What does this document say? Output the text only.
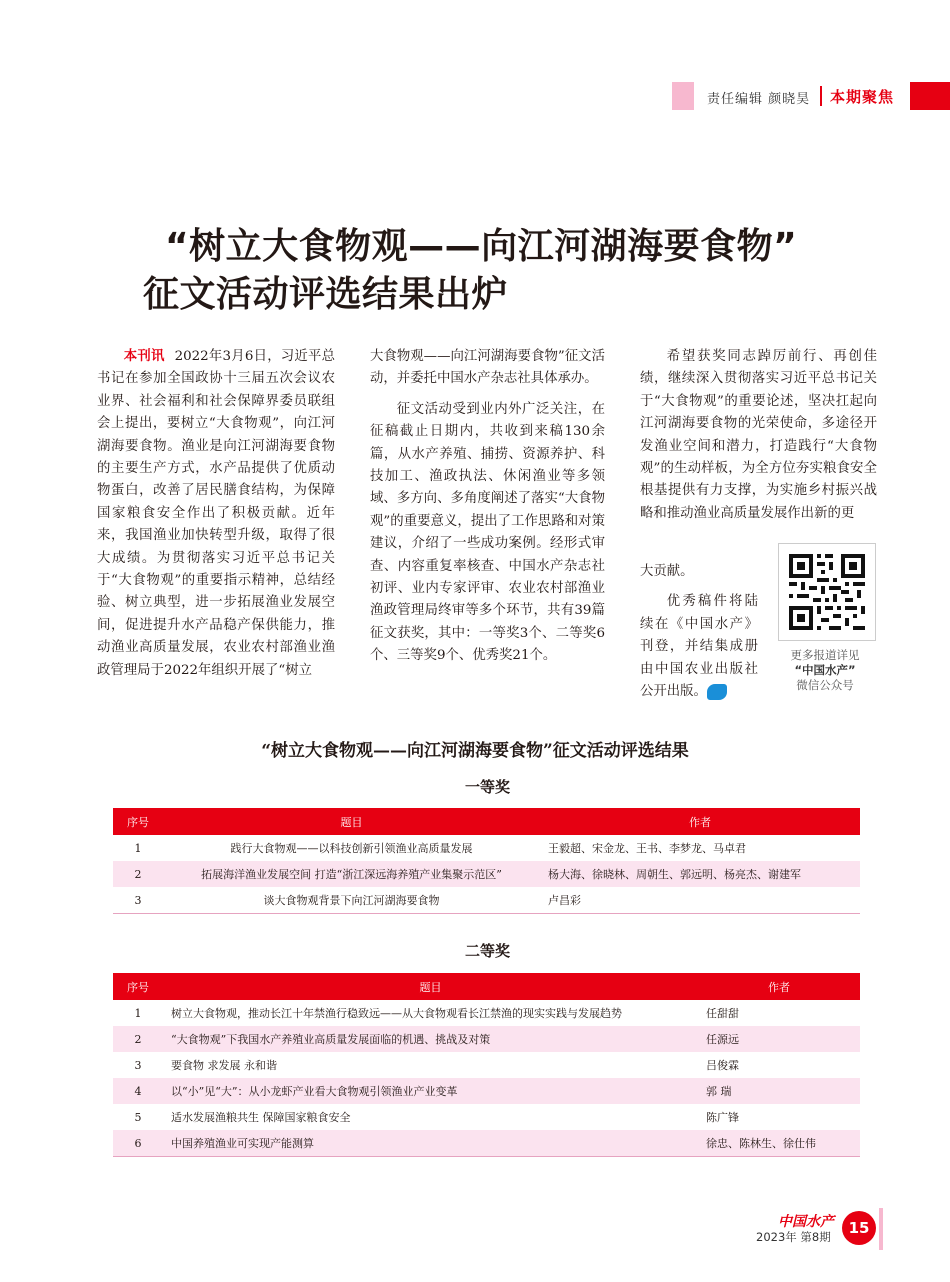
责任编辑 颜晓昊 本期聚焦
“树立大食物观——向江河湖海要食物”
征文活动评选结果出炉

本刊讯 2022年3月6日，习近平总书记在参加全国政协十三届五次会议农业界、社会福利和社会保障界委员联组会上提出，要树立“大食物观”，向江河湖海要食物。渔业是向江河湖海要食物的主要生产方式，水产品提供了优质动物蛋白，改善了居民膳食结构，为保障国家粮食安全作出了积极贡献。近年来，我国渔业加快转型升级，取得了很大成绩。为贯彻落实习近平总书记关于“大食物观”的重要指示精神，总结经验、树立典型，进一步拓展渔业发展空间，促进提升水产品稳产保供能力，推动渔业高质量发展，农业农村部渔业渔政管理局于2022年组织开展了“树立

大食物观——向江河湖海要食物”征文活动，并委托中国水产杂志社具体承办。

征文活动受到业内外广泛关注，在征稿截止日期内，共收到来稿130余篇，从水产养殖、捕捞、资源养护、科技加工、渔政执法、休闲渔业等多领域、多方向、多角度阐述了落实“大食物观”的重要意义，提出了工作思路和对策建议，介绍了一些成功案例。经形式审查、内容重复率核查、中国水产杂志社初评、业内专家评审、农业农村部渔业渔政管理局终审等多个环节，共有39篇征文获奖，其中：一等奖3个、二等奖6个、三等奖9个、优秀奖21个。

希望获奖同志踔厉前行、再创佳绩，继续深入贯彻落实习近平总书记关于“大食物观”的重要论述，坚决扛起向江河湖海要食物的光荣使命，多途径开发渔业空间和潜力，打造践行“大食物观”的生动样板，为全方位夯实粮食安全根基提供有力支撑，为实施乡村振兴战略和推动渔业高质量发展作出新的更

大贡献。

优秀稿件将陆续在《中国水产》刊登，并结集成册由中国农业出版社公开出版。 e

更多报道详见
“中国水产”
微信公众号
“树立大食物观——向江河湖海要食物”征文活动评选结果
一等奖
序号	题目	作者
1	践行大食物观——以科技创新引领渔业高质量发展	王毅超、宋金龙、王书、李梦龙、马卓君
2	拓展海洋渔业发展空间 打造“浙江深远海养殖产业集聚示范区”	杨大海、徐晓林、周朝生、郭远明、杨亮杰、谢建军
3	谈大食物观背景下向江河湖海要食物	卢昌彩
二等奖
序号	题目	作者
1	树立大食物观，推动长江十年禁渔行稳致远——从大食物观看长江禁渔的现实实践与发展趋势	任甜甜
2	“大食物观”下我国水产养殖业高质量发展面临的机遇、挑战及对策	任源远
3	要食物 求发展 永和谐	吕俊霖
4	以“小”见“大”：从小龙虾产业看大食物观引领渔业产业变革	郭 瑞
5	适水发展渔粮共生 保障国家粮食安全	陈广锋
6	中国养殖渔业可实现产能测算	徐忠、陈林生、徐仕伟
中国水产
2023年 第8期	15
